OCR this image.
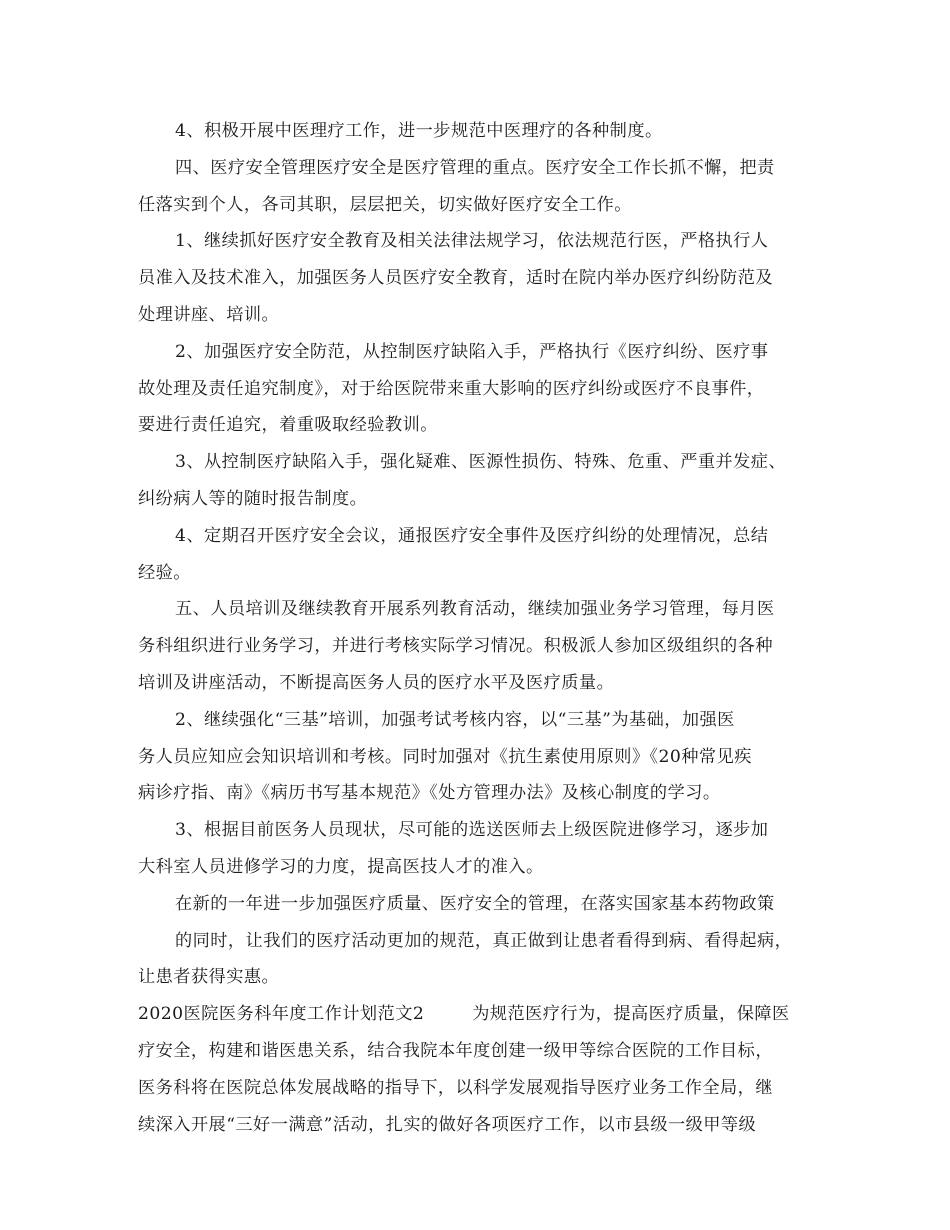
4、积极开展中医理疗工作，进一步规范中医理疗的各种制度。

四、医疗安全管理医疗安全是医疗管理的重点。医疗安全工作长抓不懈，把责

任落实到个人，各司其职，层层把关，切实做好医疗安全工作。

1、继续抓好医疗安全教育及相关法律法规学习，依法规范行医，严格执行人

员准入及技术准入，加强医务人员医疗安全教育，适时在院内举办医疗纠纷防范及

处理讲座、培训。

2、加强医疗安全防范，从控制医疗缺陷入手，严格执行《医疗纠纷、医疗事

故处理及责任追究制度》，对于给医院带来重大影响的医疗纠纷或医疗不良事件，

要进行责任追究，着重吸取经验教训。

3、从控制医疗缺陷入手，强化疑难、医源性损伤、特殊、危重、严重并发症、

纠纷病人等的随时报告制度。

4、定期召开医疗安全会议，通报医疗安全事件及医疗纠纷的处理情况，总结

经验。

五、人员培训及继续教育开展系列教育活动，继续加强业务学习管理，每月医

务科组织进行业务学习，并进行考核实际学习情况。积极派人参加区级组织的各种

培训及讲座活动，不断提高医务人员的医疗水平及医疗质量。

2、继续强化“三基”培训，加强考试考核内容，以“三基”为基础，加强医

务人员应知应会知识培训和考核。同时加强对《抗生素使用原则》《20种常见疾

病诊疗指、南》《病历书写基本规范》《处方管理办法》及核心制度的学习。

3、根据目前医务人员现状，尽可能的选送医师去上级医院进修学习，逐步加

大科室人员进修学习的力度，提高医技人才的准入。

在新的一年进一步加强医疗质量、医疗安全的管理，在落实国家基本药物政策

的同时，让我们的医疗活动更加的规范，真正做到让患者看得到病、看得起病，

让患者获得实惠。

2020医院医务科年度工作计划范文2	为规范医疗行为，提高医疗质量，保障医

疗安全，构建和谐医患关系，结合我院本年度创建一级甲等综合医院的工作目标，

医务科将在医院总体发展战略的指导下，以科学发展观指导医疗业务工作全局，继

续深入开展“三好一满意”活动，扎实的做好各项医疗工作，以市县级一级甲等级
